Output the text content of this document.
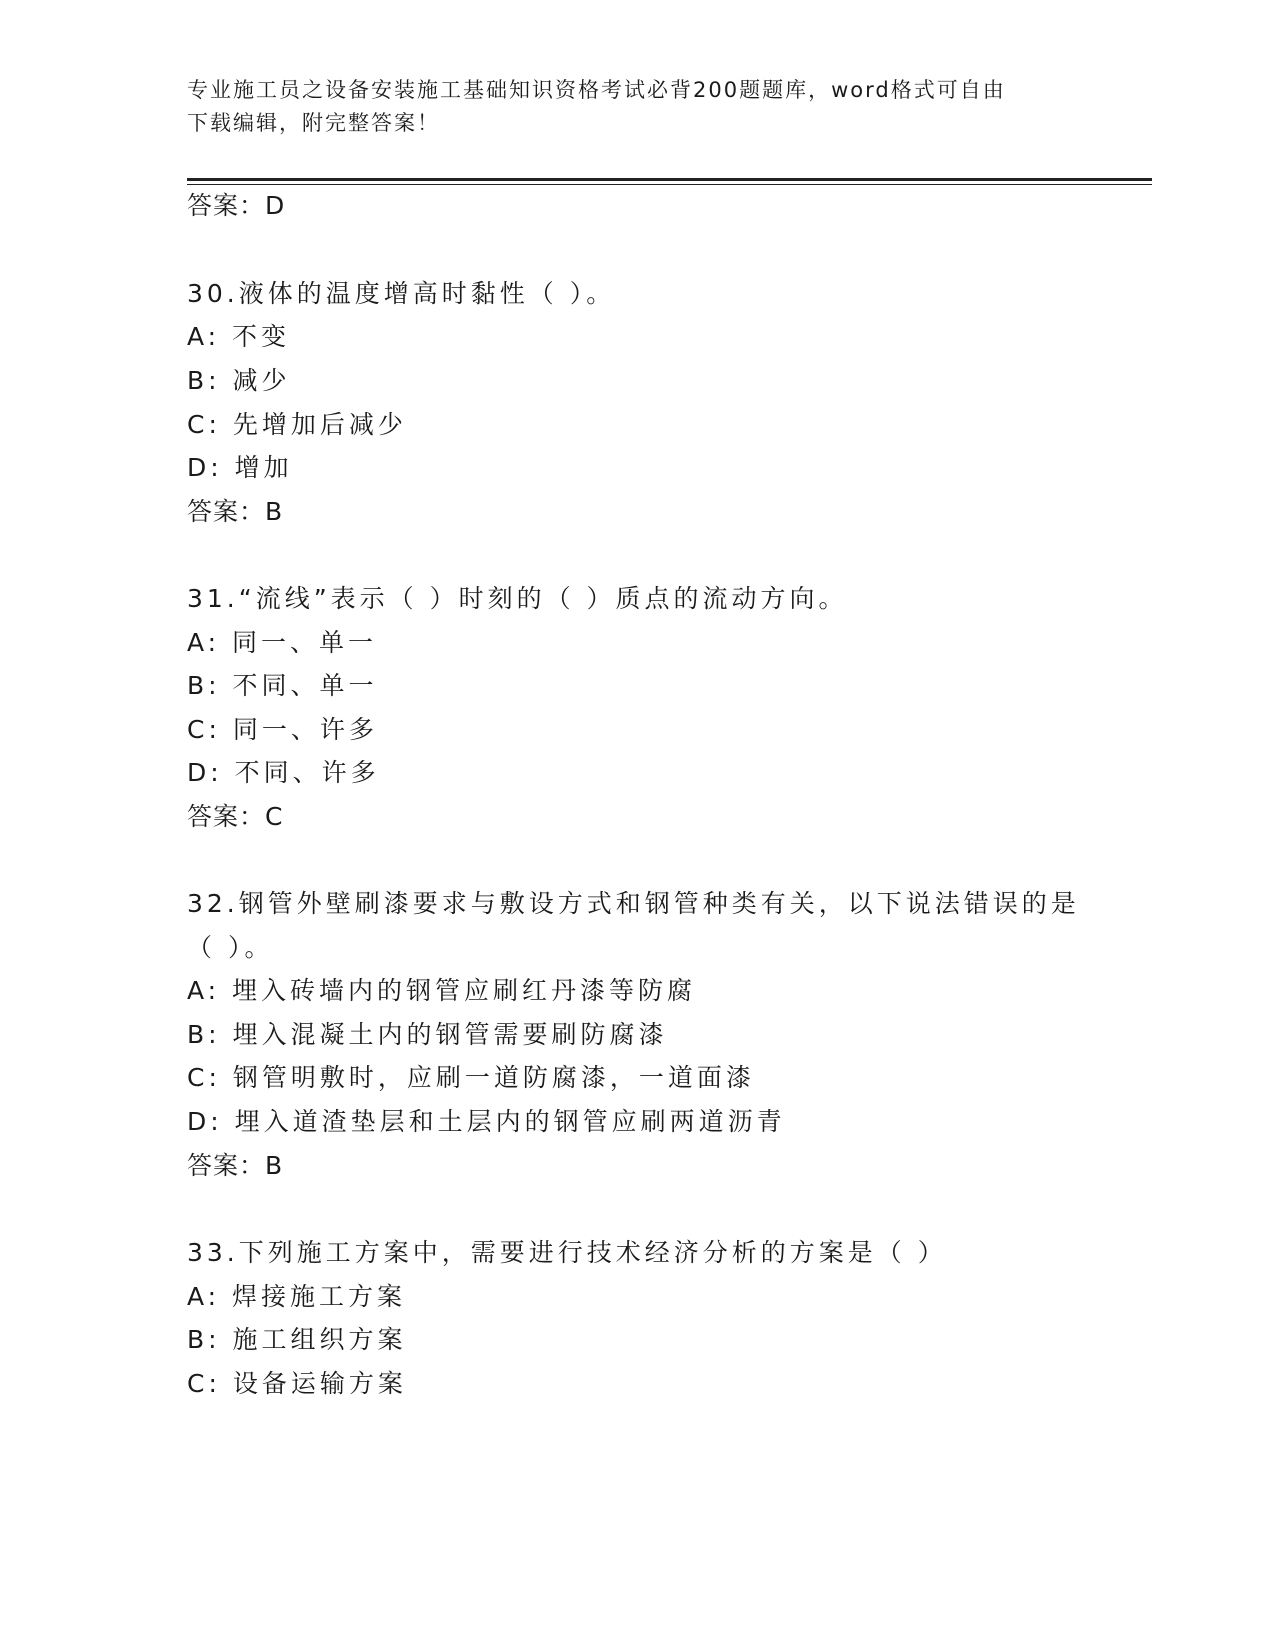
专业施工员之设备安装施工基础知识资格考试必背200题题库，word格式可自由
下载编辑，附完整答案！
答案：D
30.液体的温度增高时黏性（ ）。
A: 不变
B: 减少
C: 先增加后减少
D: 增加
答案：B
31.“流线”表示（ ）时刻的（ ）质点的流动方向。
A: 同一、单一
B: 不同、单一
C: 同一、许多
D: 不同、许多
答案：C
32.钢管外壁刷漆要求与敷设方式和钢管种类有关，以下说法错误的是
（ ）。
A: 埋入砖墙内的钢管应刷红丹漆等防腐
B: 埋入混凝土内的钢管需要刷防腐漆
C: 钢管明敷时，应刷一道防腐漆，一道面漆
D: 埋入道渣垫层和土层内的钢管应刷两道沥青
答案：B
33.下列施工方案中，需要进行技术经济分析的方案是（ ）
A: 焊接施工方案
B: 施工组织方案
C: 设备运输方案
